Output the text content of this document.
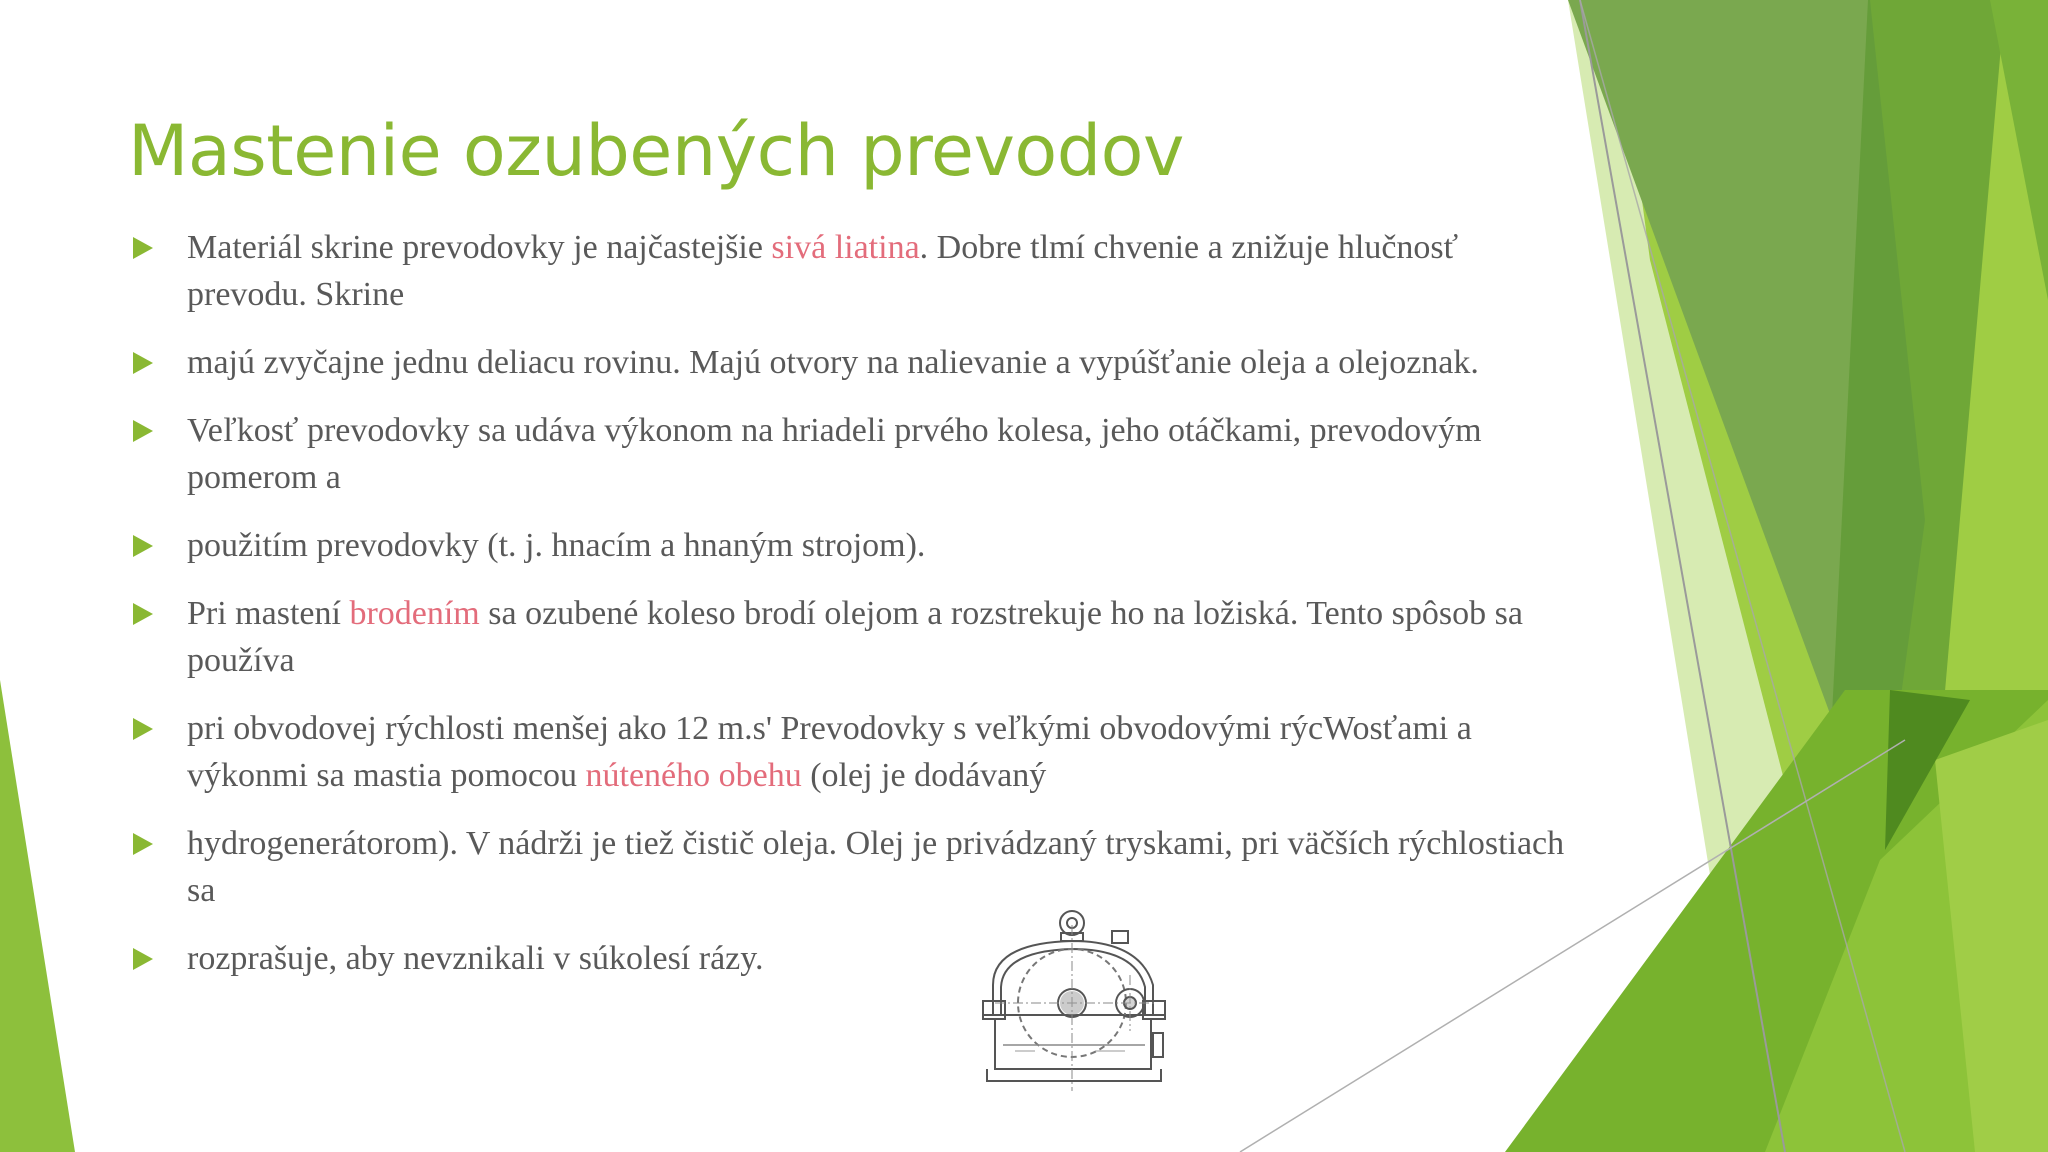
Mastenie ozubených prevodov
Materiál skrine prevodovky je najčastejšie sivá liatina. Dobre tlmí chvenie a znižuje hlučnosť prevodu. Skrine
majú zvyčajne jednu deliacu rovinu. Majú otvory na nalievanie a vypúšťanie oleja a olejoznak.
Veľkosť prevodovky sa udáva výkonom na hriadeli prvého kolesa, jeho otáčkami, prevodovým pomerom a
použitím prevodovky (t. j. hnacím a hnaným strojom).
Pri mastení brodením sa ozubené koleso brodí olejom a rozstrekuje ho na ložiská. Tento spôsob sa používa
pri obvodovej rýchlosti menšej ako 12 m.s' Prevodovky s veľkými obvodovými rýcWosťami a výkonmi sa mastia pomocou núteného obehu (olej je dodávaný
hydrogenerátorom). V nádrži je tiež čistič oleja. Olej je privádzaný tryskami, pri väčších rýchlostiach sa
rozprašuje, aby nevznikali v súkolesí rázy.
